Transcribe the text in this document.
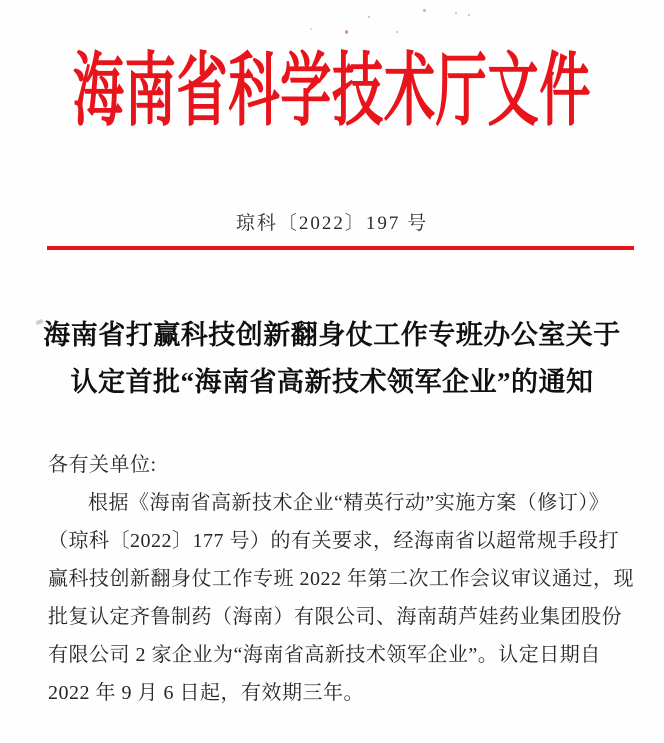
海南省科学技术厅文件
琼科〔2022〕197 号
海南省打赢科技创新翻身仗工作专班办公室关于
认定首批“海南省高新技术领军企业”的通知
各有关单位:
根据《海南省高新技术企业“精英行动”实施方案（修订）》
（琼科〔2022〕177 号）的有关要求，经海南省以超常规手段打
赢科技创新翻身仗工作专班 2022 年第二次工作会议审议通过，现
批复认定齐鲁制药（海南）有限公司、海南葫芦娃药业集团股份
有限公司 2 家企业为“海南省高新技术领军企业”。认定日期自
2022 年 9 月 6 日起，有效期三年。
